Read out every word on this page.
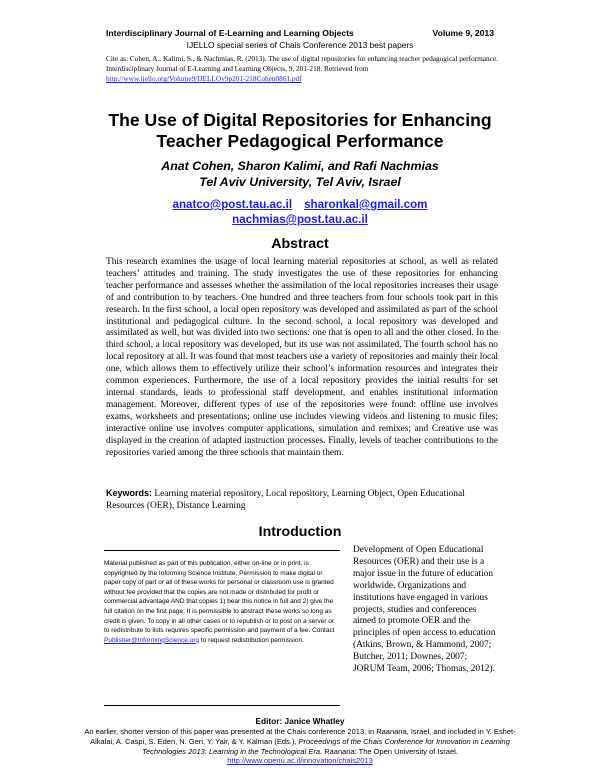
Interdisciplinary Journal of E-Learning and Learning Objects	Volume 9, 2013
IJELLO special series of Chais Conference 2013 best papers
Cite as: Cohen, A., Kalimi, S., & Nachmias, R. (2013). The use of digital repositories for enhancing teacher pedagogical performance. Interdisciplinary Journal of E-Learning and Learning Objects, 9, 201-218. Retrieved from http://www.ijello.org/Volume9/IJELLOv9p201-218Cohen0861.pdf
The Use of Digital Repositories for Enhancing
Teacher Pedagogical Performance
Anat Cohen, Sharon Kalimi, and Rafi Nachmias
Tel Aviv University, Tel Aviv, Israel
anatco@post.tau.ac.il sharonkal@gmail.com
nachmias@post.tau.ac.il
Abstract
This research examines the usage of local learning material repositories at school, as well as related teachers’ attitudes and training. The study investigates the use of these repositories for enhancing teacher performance and assesses whether the assimilation of the local repositories increases their usage of and contribution to by teachers. One hundred and three teachers from four schools took part in this research. In the first school, a local open repository was developed and assimilated as part of the school institutional and pedagogical culture. In the second school, a local repository was developed and assimilated as well, but was divided into two sections: one that is open to all and the other closed. In the third school, a local repository was developed, but its use was not assimilated. The fourth school has no local repository at all. It was found that most teachers use a variety of repositories and mainly their local one, which allows them to effectively utilize their school’s information resources and integrates their common experiences. Furthermore, the use of a local repository provides the initial results for set internal standards, leads to professional staff development, and enables institutional information management. Moreover, different types of use of the repositories were found: offline use involves exams, worksheets and presentations; online use includes viewing videos and listening to music files; interactive online use involves computer applications, simulation and remixes; and Creative use was displayed in the creation of adapted instruction processes. Finally, levels of teacher contributions to the repositories varied among the three schools that maintain them.
Keywords: Learning material repository, Local repository, Learning Object, Open Educational Resources (OER), Distance Learning
Introduction

Material published as part of this publication, either on-line or in print, is copyrighted by the Informing Science Institute. Permission to make digital or paper copy of part or all of these works for personal or classroom use is granted without fee provided that the copies are not made or distributed for profit or commercial advantage AND that copies 1) bear this notice in full and 2) give the full citation on the first page. It is permissible to abstract these works so long as credit is given. To copy in all other cases or to republish or to post on a server or to redistribute to lists requires specific permission and payment of a fee. Contact Publisher@InformingScience.org to request redistribution permission.

Development of Open Educational Resources (OER) and their use is a major issue in the future of education worldwide. Organizations and institutions have engaged in various projects, studies and conferences aimed to promote OER and the principles of open access to education (Atkins, Brown, & Hammond, 2007; Butcher, 2011; Downes, 2007; JORUM Team, 2006; Thomas, 2012).
Editor: Janice Whatley
An earlier, shorter version of this paper was presented at the Chais conference 2013, in Raanana, Israel, and included in Y. Eshet-Alkalai, A. Caspi, S. Eden, N. Geri, Y. Yair, & Y. Kalman (Eds.), Proceedings of the Chais Conference for Innovation in Learning Technologies 2013: Learning in the Technological Era. Raanana: The Open University of Israel. http://www.openu.ac.il/innovation/chais2013
